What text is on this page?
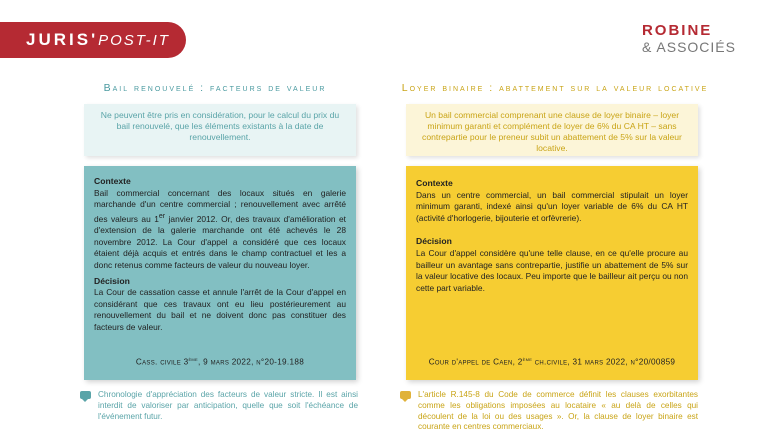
JURIS' POST-IT
ROBINE
& ASSOCIÉS
Bail renouvelé : facteurs de valeur
Ne peuvent être pris en considération, pour le calcul du prix du bail renouvelé, que les éléments existants à la date de renouvellement.
Contexte

Bail commercial concernant des locaux situés en galerie marchande d'un centre commercial ; renouvellement avec arrêté des valeurs au 1er janvier 2012. Or, des travaux d'amélioration et d'extension de la galerie marchande ont été achevés le 28 novembre 2012. La Cour d'appel a considéré que ces locaux étaient déjà acquis et entrés dans le champ contractuel et les a donc retenus comme facteurs de valeur du nouveau loyer.

Décision

La Cour de cassation casse et annule l'arrêt de la Cour d'appel en considérant que ces travaux ont eu lieu postérieurement au renouvellement du bail et ne doivent donc pas constituer des facteurs de valeur.

Cass. civile 3ème, 9 mars 2022, n°20-19.188
Chronologie d'appréciation des facteurs de valeur stricte. Il est ainsi interdit de valoriser par anticipation, quelle que soit l'échéance de l'événement futur.
Loyer binaire : abattement sur la valeur locative
Un bail commercial comprenant une clause de loyer binaire – loyer minimum garanti et complément de loyer de 6% du CA HT – sans contrepartie pour le preneur subit un abattement de 5% sur la valeur locative.
Contexte

Dans un centre commercial, un bail commercial stipulait un loyer minimum garanti, indexé ainsi qu'un loyer variable de 6% du CA HT (activité d'horlogerie, bijouterie et orfèvrerie).

Décision

La Cour d'appel considère qu'une telle clause, en ce qu'elle procure au bailleur un avantage sans contrepartie, justifie un abattement de 5% sur la valeur locative des locaux. Peu importe que le bailleur ait perçu ou non cette part variable.

Cour d'appel de Caen, 2ème ch.civile, 31 mars 2022, n°20/00859
L'article R.145-8 du Code de commerce définit les clauses exorbitantes comme les obligations imposées au locataire « au delà de celles qui découlent de la loi ou des usages ». Or, la clause de loyer binaire est courante en centres commerciaux.
